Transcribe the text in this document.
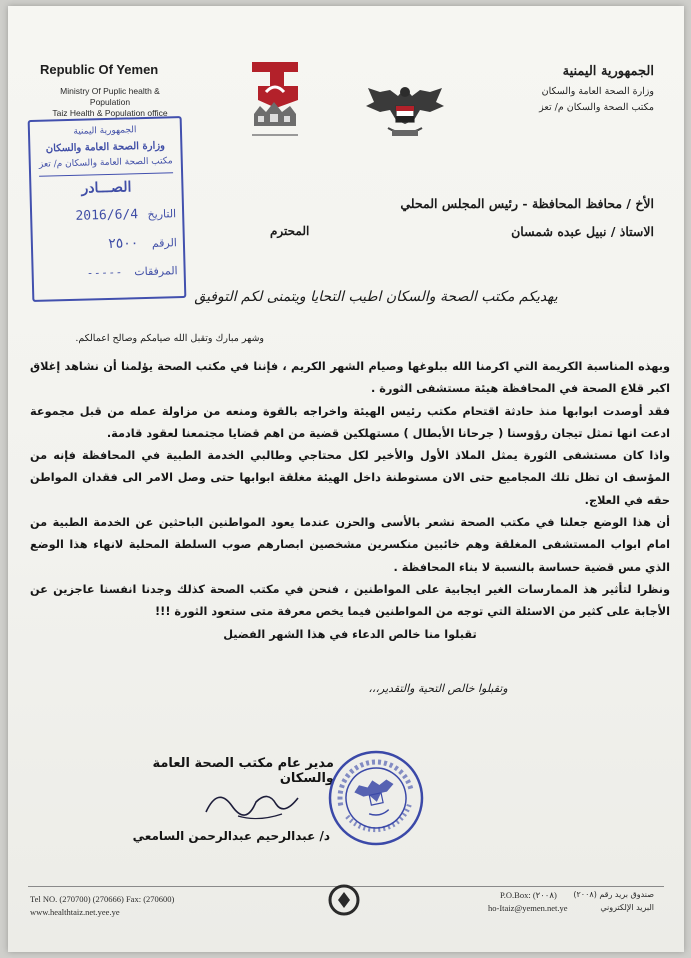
Republic Of Yemen
Ministry Of Puplic health & Population
Taiz Health & Population office
الجمهورية اليمنية
وزارة الصحة العامة والسكان
مكتب الصحة والسكان م/ تعز
الجمهورية اليمنية
وزارة الصحة العامة والسكان
مكتب الصحة العامة والسكان م/ تعز
الصـــادر
التاريخ 2016/6/4
الرقم ٢٥٠٠
المرفقات - - - - -
الأخ / محافظ المحافظة - رئيس المجلس المحلي
الاستاذ / نبيل عبده شمسان
المحترم
يهديكم مكتب الصحة والسكان اطيب التحايا ويتمنى لكم التوفيق
وشهر مبارك وتقبل الله صيامكم وصالح اعمالكم.

وبهذه المناسبة الكريمة التي اكرمنا الله ببلوغها وصيام الشهر الكريم ، فإننا في مكتب الصحة يؤلمنا أن نشاهد إغلاق اكبر قلاع الصحة في المحافظة هيئة مستشفى الثورة .

فقد أوصدت ابوابها منذ حادثة اقتحام مكتب رئيس الهيئة واخراجه بالقوة ومنعه من مزاولة عمله من قبل مجموعة ادعت انها تمثل تيجان رؤوسنا ( جرحانا الأبطال ) مستهلكين قضية من اهم قضايا مجتمعنا لعقود قادمة.

واذا كان مستشفى الثورة يمثل الملاذ الأول والأخير لكل محتاجي وطالبي الخدمة الطبية في المحافظة فإنه من المؤسف ان تظل تلك المجاميع حتى الان مستوطنة داخل الهيئة مغلقة ابوابها حتى وصل الامر الى فقدان المواطن حقه في العلاج.

أن هذا الوضع جعلنا في مكتب الصحة نشعر بالأسى والحزن عندما يعود المواطنين الباحثين عن الخدمة الطبية من امام ابواب المستشفى المغلقة وهم خائبين منكسرين مشخصين ابصارهم صوب السلطة المحلية لانهاء هذا الوضع الذي مس قضية حساسة بالنسبة لا بناء المحافظة .

ونظرا لتأثير هذ الممارسات الغير ايجابية على المواطنين ، فنحن في مكتب الصحة كذلك وجدنا انفسنا عاجزين عن الأجابة على كثير من الاسئلة التي توجه من المواطنين فيما يخص معرفة متى ستعود الثورة !!!

تقبلوا منا خالص الدعاء في هذا الشهر الفضيل

وتقبلوا خالص التحية والتقدير،،،
مدير عام مكتب الصحة العامة والسكان
د/ عبدالرحيم عبدالرحمن السامعي
Tel NO. (270700) (270666) Fax: (270600)
www.healthtaiz.net.yee.ye
P.O.Box: (٢٠٠٨)
ho-Itaiz@yemen.net.ye
صندوق بريد رقم (٢٠٠٨)
البريد الإلكتروني
